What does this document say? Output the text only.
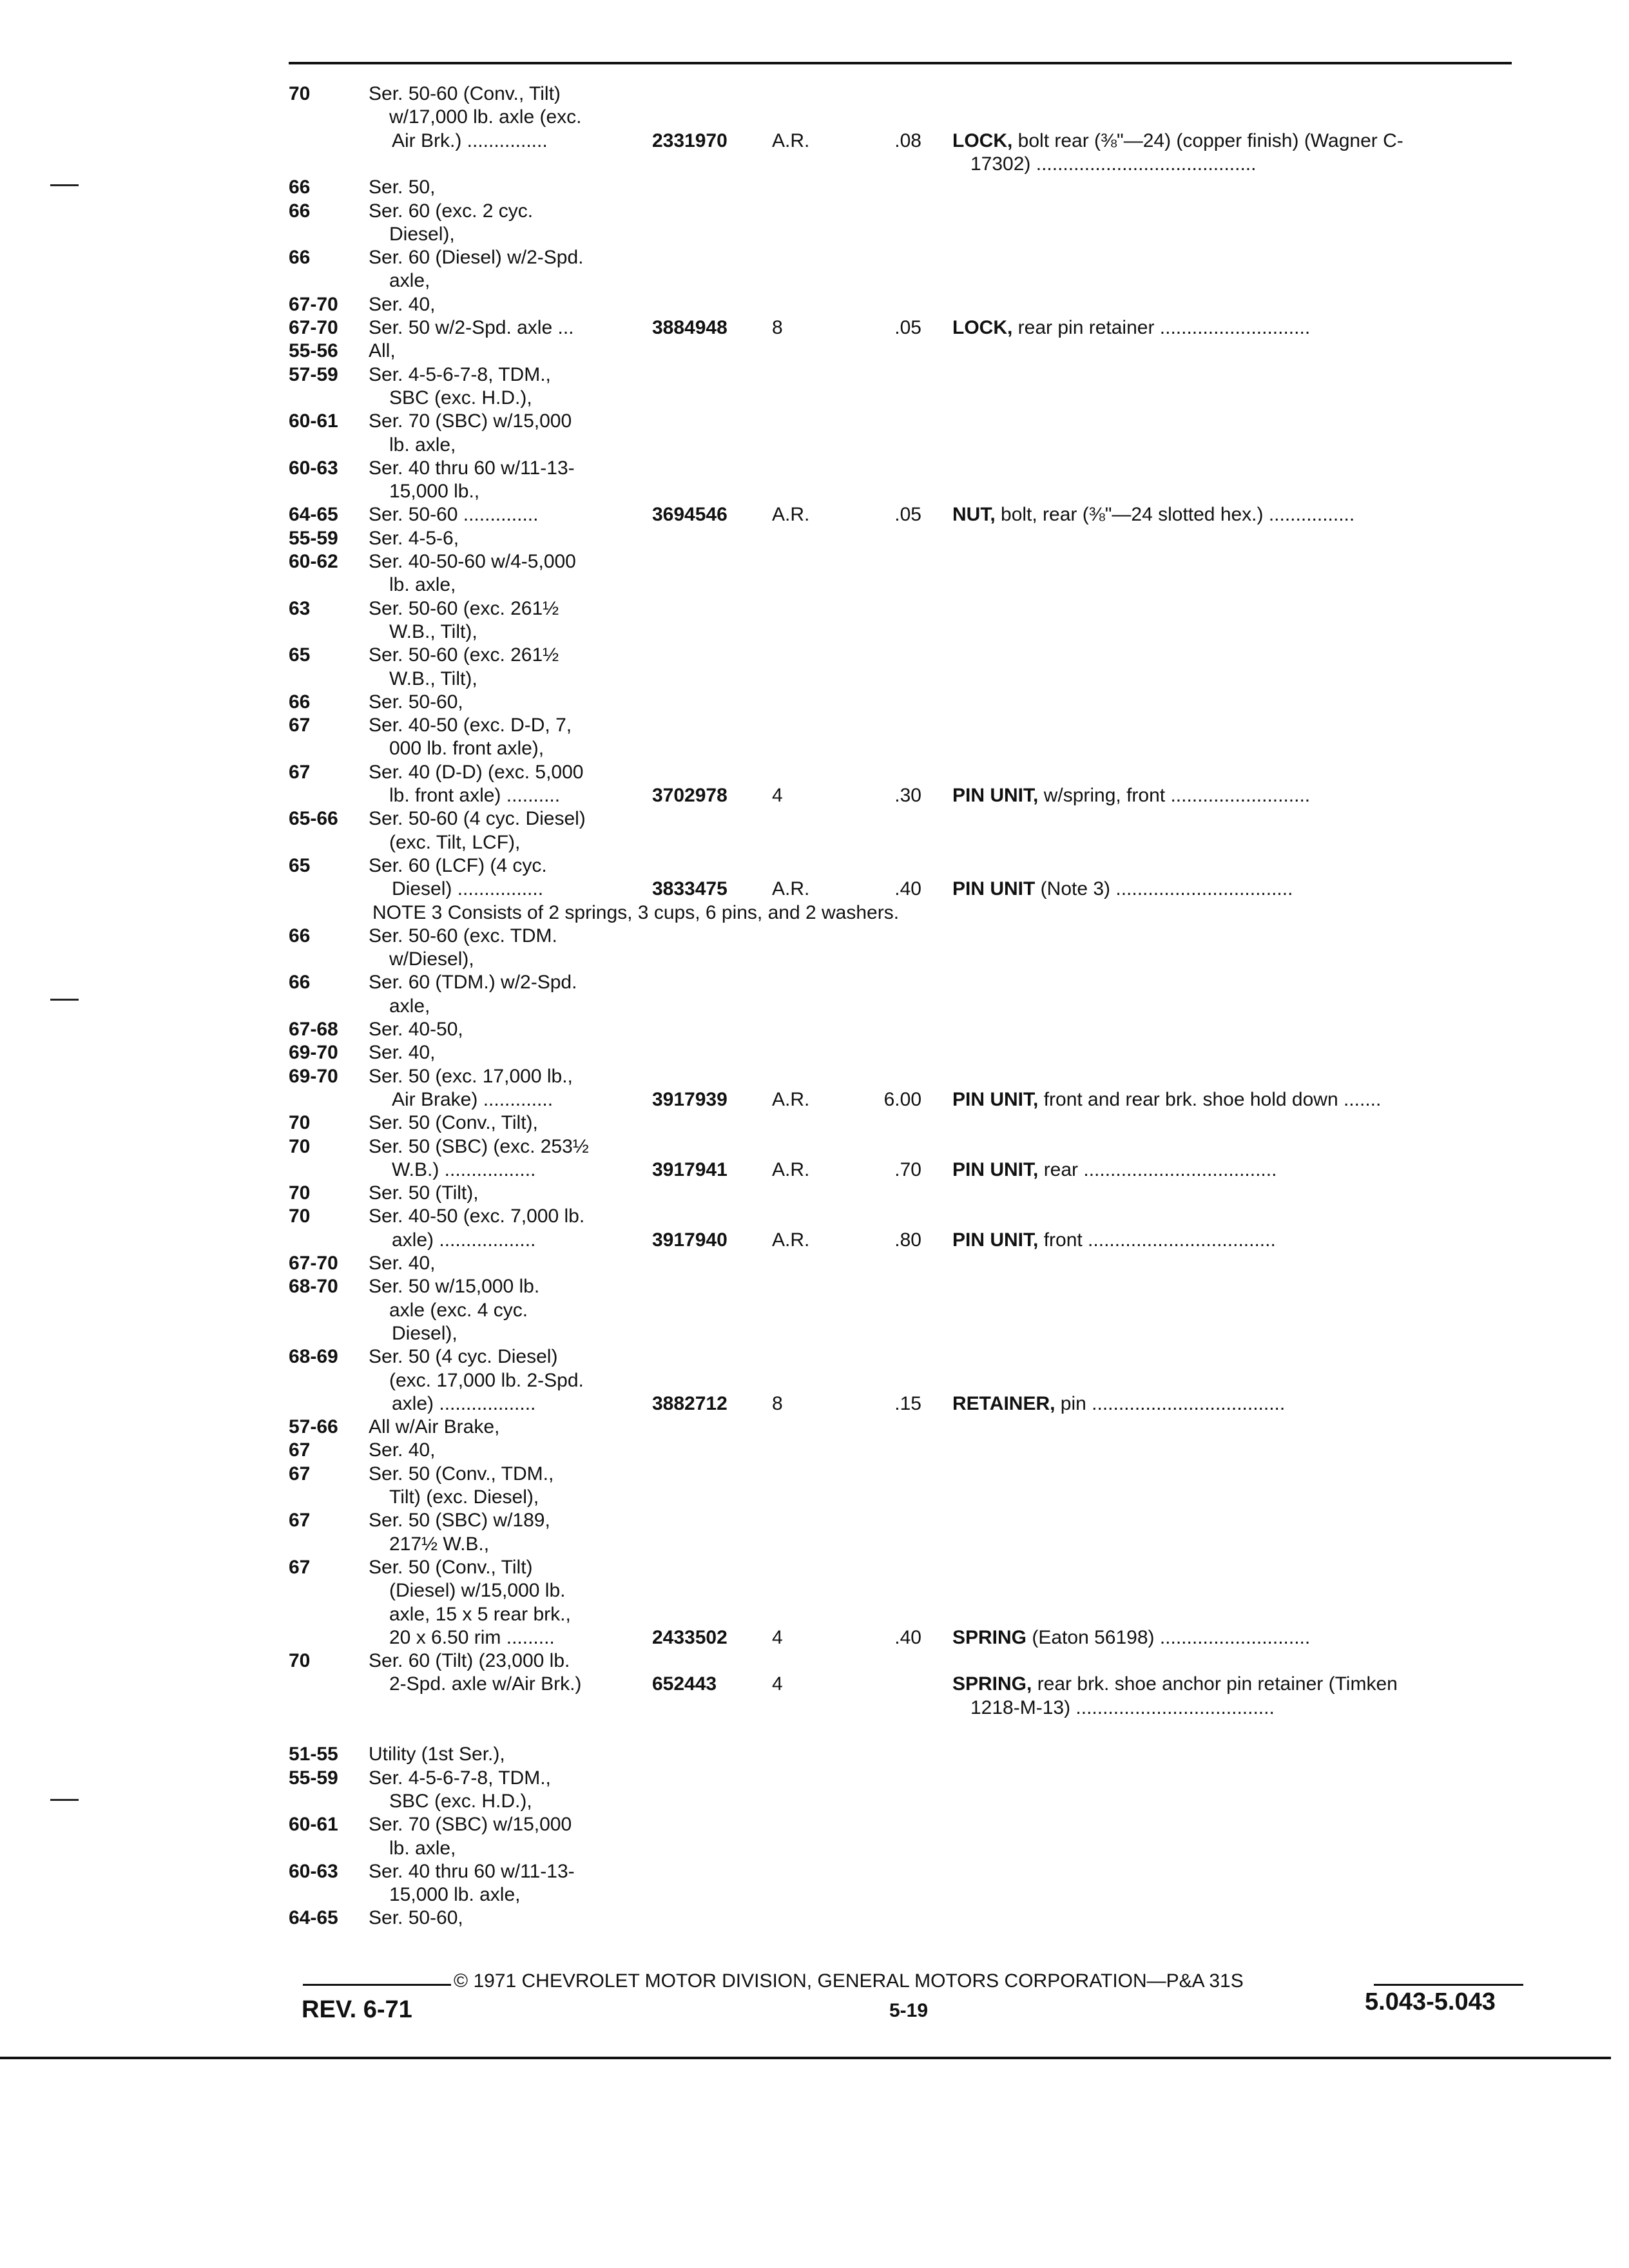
70	Ser. 50-60 (Conv., Tilt)
w/17,000 lb. axle (exc.
Air Brk.) ...............	2331970 A.R.	.08 LOCK, bolt rear (⅜"—24) (copper finish) (Wagner C-
17302) .........................................
66	Ser. 50,
66	Ser. 60 (exc. 2 cyc.
Diesel),
66	Ser. 60 (Diesel) w/2-Spd.
axle,
67-70 Ser. 40,
67-70 Ser. 50 w/2-Spd. axle ...	3884948 8	.05 LOCK, rear pin retainer ............................
55-56 All,
57-59 Ser. 4-5-6-7-8, TDM.,
SBC (exc. H.D.),
60-61 Ser. 70 (SBC) w/15,000
lb. axle,
60-63 Ser. 40 thru 60 w/11-13-
15,000 lb.,
64-65 Ser. 50-60 ..............	3694546 A.R.	.05 NUT, bolt, rear (⅜"—24 slotted hex.) ................
55-59 Ser. 4-5-6,
60-62 Ser. 40-50-60 w/4-5,000
lb. axle,
63	Ser. 50-60 (exc. 261½
W.B., Tilt),
65	Ser. 50-60 (exc. 261½
W.B., Tilt),
66	Ser. 50-60,
67	Ser. 40-50 (exc. D-D, 7,
000 lb. front axle),
67	Ser. 40 (D-D) (exc. 5,000
lb. front axle) ..........	3702978 4	.30 PIN UNIT, w/spring, front ..........................
65-66 Ser. 50-60 (4 cyc. Diesel)
(exc. Tilt, LCF),
65	Ser. 60 (LCF) (4 cyc.
Diesel) ................	3833475 A.R.	.40 PIN UNIT (Note 3) .................................
NOTE 3 Consists of 2 springs, 3 cups, 6 pins, and 2 washers.
66	Ser. 50-60 (exc. TDM.
w/Diesel),
66	Ser. 60 (TDM.) w/2-Spd.
axle,
67-68 Ser. 40-50,
69-70 Ser. 40,
69-70 Ser. 50 (exc. 17,000 lb.,
Air Brake) .............	3917939 A.R.	6.00 PIN UNIT, front and rear brk. shoe hold down .......
70	Ser. 50 (Conv., Tilt),
70	Ser. 50 (SBC) (exc. 253½
W.B.) .................	3917941 A.R.	.70 PIN UNIT, rear ....................................
70	Ser. 50 (Tilt),
70	Ser. 40-50 (exc. 7,000 lb.
axle) ..................	3917940 A.R.	.80 PIN UNIT, front ...................................
67-70 Ser. 40,
68-70 Ser. 50 w/15,000 lb.
axle (exc. 4 cyc.
Diesel),
68-69 Ser. 50 (4 cyc. Diesel)
(exc. 17,000 lb. 2-Spd.
axle) ..................	3882712 8	.15 RETAINER, pin ....................................
57-66 All w/Air Brake,
67	Ser. 40,
67	Ser. 50 (Conv., TDM.,
Tilt) (exc. Diesel),
67	Ser. 50 (SBC) w/189,
217½ W.B.,
67	Ser. 50 (Conv., Tilt)
(Diesel) w/15,000 lb.
axle, 15 x 5 rear brk.,
20 x 6.50 rim .........	2433502 4	.40 SPRING (Eaton 56198) ............................
70	Ser. 60 (Tilt) (23,000 lb.
2-Spd. axle w/Air Brk.)	652443	4	SPRING, rear brk. shoe anchor pin retainer (Timken
1218-M-13) .....................................
51-55 Utility (1st Ser.),
55-59 Ser. 4-5-6-7-8, TDM.,
SBC (exc. H.D.),
60-61 Ser. 70 (SBC) w/15,000
lb. axle,
60-63 Ser. 40 thru 60 w/11-13-
15,000 lb. axle,
64-65 Ser. 50-60,
© 1971 CHEVROLET MOTOR DIVISION, GENERAL MOTORS CORPORATION—P&A 31S
REV. 6-71	5-19	5.043-5.043
